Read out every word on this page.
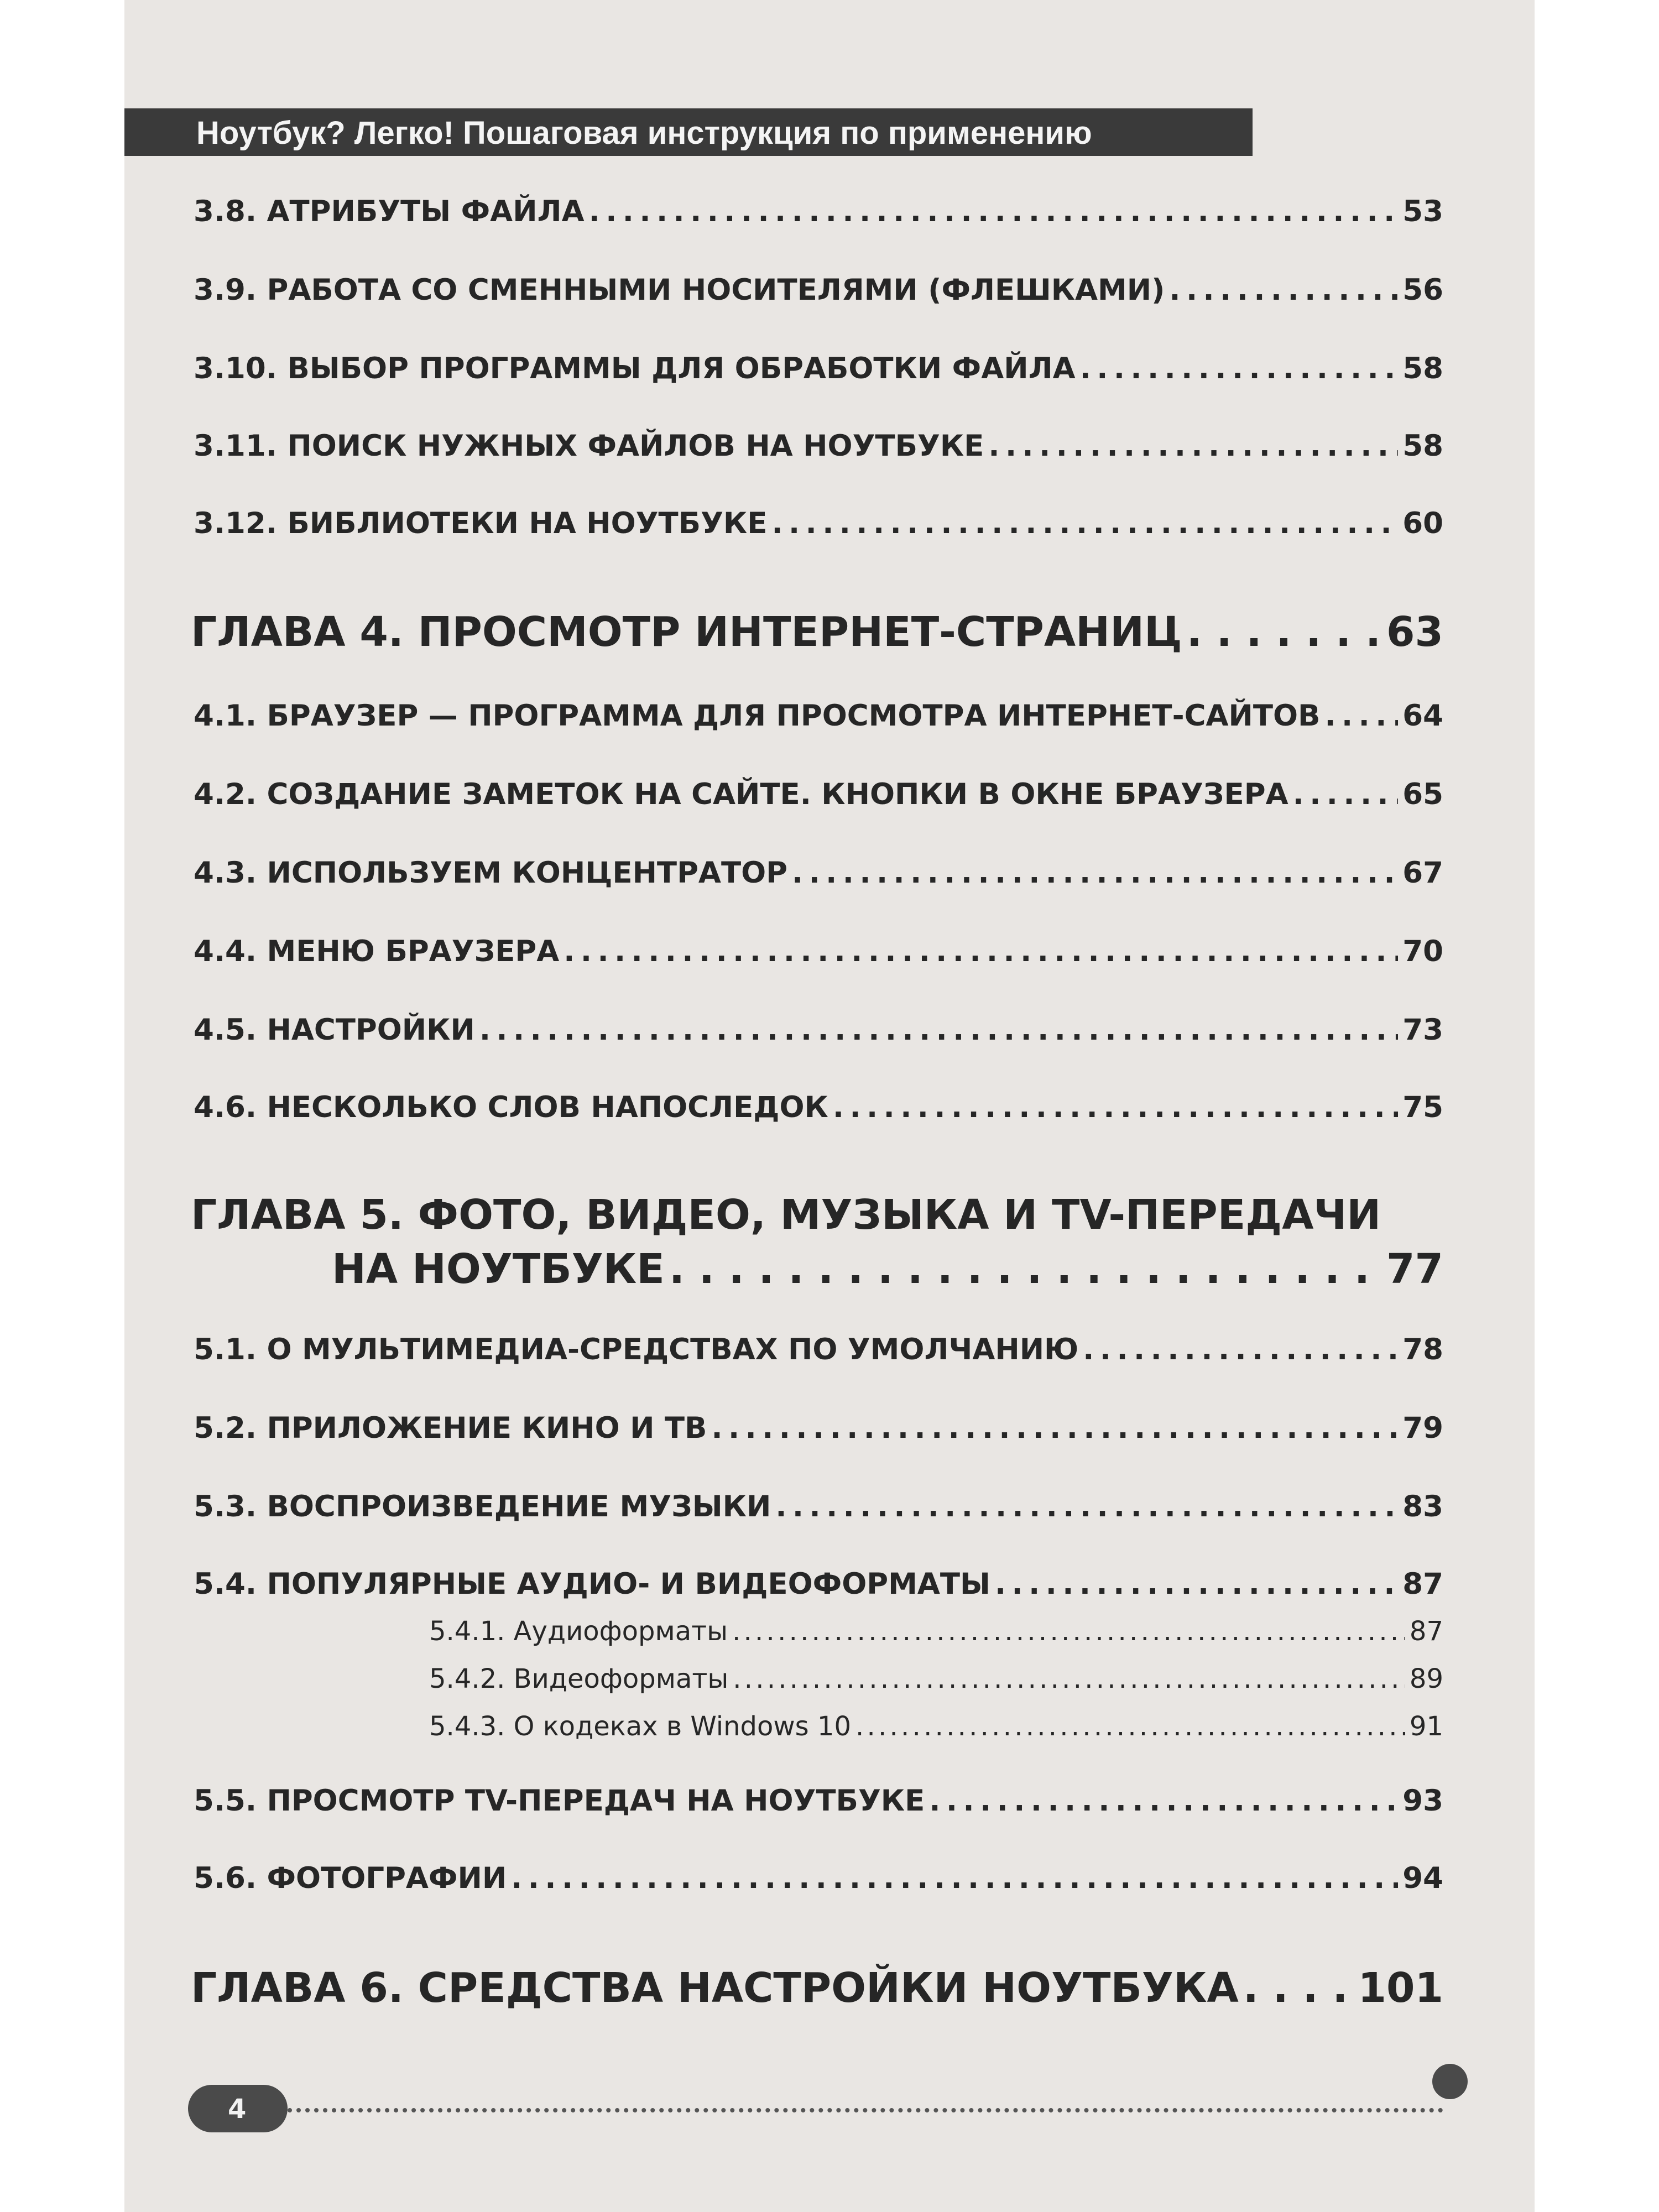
Ноутбук? Легко! Пошаговая инструкция по применению
3.8. АТРИБУТЫ ФАЙЛА . . .	53
3.9. РАБОТА СО СМЕННЫМИ НОСИТЕЛЯМИ (ФЛЕШКАМИ) . . .	56
3.10. ВЫБОР ПРОГРАММЫ ДЛЯ ОБРАБОТКИ ФАЙЛА . . .	58
3.11. ПОИСК НУЖНЫХ ФАЙЛОВ НА НОУТБУКЕ . . .	58
3.12. БИБЛИОТЕКИ НА НОУТБУКЕ . . .	60
ГЛАВА 4. ПРОСМОТР ИНТЕРНЕТ-СТРАНИЦ . . .	63
4.1. БРАУЗЕР — ПРОГРАММА ДЛЯ ПРОСМОТРА ИНТЕРНЕТ-САЙТОВ . . .	64
4.2. СОЗДАНИЕ ЗАМЕТОК НА САЙТЕ. КНОПКИ В ОКНЕ БРАУЗЕРА . . .	65
4.3. ИСПОЛЬЗУЕМ КОНЦЕНТРАТОР . . .	67
4.4. МЕНЮ БРАУЗЕРА . . .	70
4.5. НАСТРОЙКИ . . .	73
4.6. НЕСКОЛЬКО СЛОВ НАПОСЛЕДОК . . .	75
ГЛАВА 5. ФОТО, ВИДЕО, МУЗЫКА И TV-ПЕРЕДАЧИ
НА НОУТБУКЕ . . .	77
5.1. О МУЛЬТИМЕДИА-СРЕДСТВАХ ПО УМОЛЧАНИЮ . . .	78
5.2. ПРИЛОЖЕНИЕ КИНО И ТВ . . .	79
5.3. ВОСПРОИЗВЕДЕНИЕ МУЗЫКИ . . .	83
5.4. ПОПУЛЯРНЫЕ АУДИО- И ВИДЕОФОРМАТЫ . . .	87
5.4.1. Аудиоформаты . . .	87
5.4.2. Видеоформаты . . .	89
5.4.3. О кодеках в Windows 10 . . .	91
5.5. ПРОСМОТР TV-ПЕРЕДАЧ НА НОУТБУКЕ . . .	93
5.6. ФОТОГРАФИИ . . .	94
ГЛАВА 6. СРЕДСТВА НАСТРОЙКИ НОУТБУКА . . .	101
4
